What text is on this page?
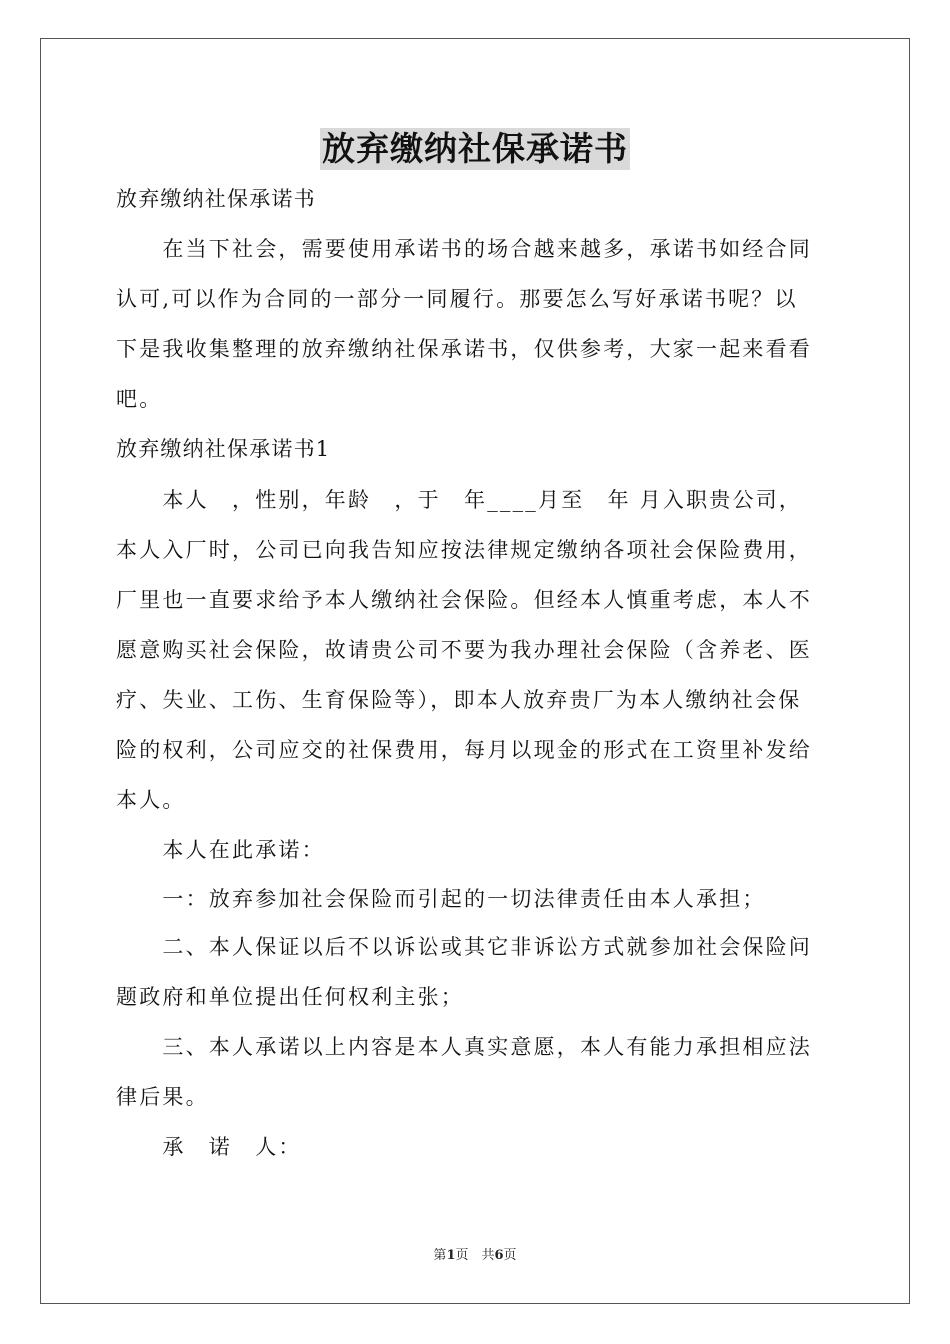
放弃缴纳社保承诺书
放弃缴纳社保承诺书
　　在当下社会，需要使用承诺书的场合越来越多，承诺书如经合同
认可,可以作为合同的一部分一同履行。那要怎么写好承诺书呢？以
下是我收集整理的放弃缴纳社保承诺书，仅供参考，大家一起来看看
吧。
放弃缴纳社保承诺书1
　　本人　，性别，年龄　，于　年____月至　年 月入职贵公司，
本人入厂时，公司已向我告知应按法律规定缴纳各项社会保险费用，
厂里也一直要求给予本人缴纳社会保险。但经本人慎重考虑，本人不
愿意购买社会保险，故请贵公司不要为我办理社会保险（含养老、医
疗、失业、工伤、生育保险等），即本人放弃贵厂为本人缴纳社会保
险的权利，公司应交的社保费用，每月以现金的形式在工资里补发给
本人。
　　本人在此承诺：
　　一：放弃参加社会保险而引起的一切法律责任由本人承担；
　　二、本人保证以后不以诉讼或其它非诉讼方式就参加社会保险问
题政府和单位提出任何权利主张；
　　三、本人承诺以上内容是本人真实意愿，本人有能力承担相应法
律后果。
　　承　诺　人：
第1页　共6页
